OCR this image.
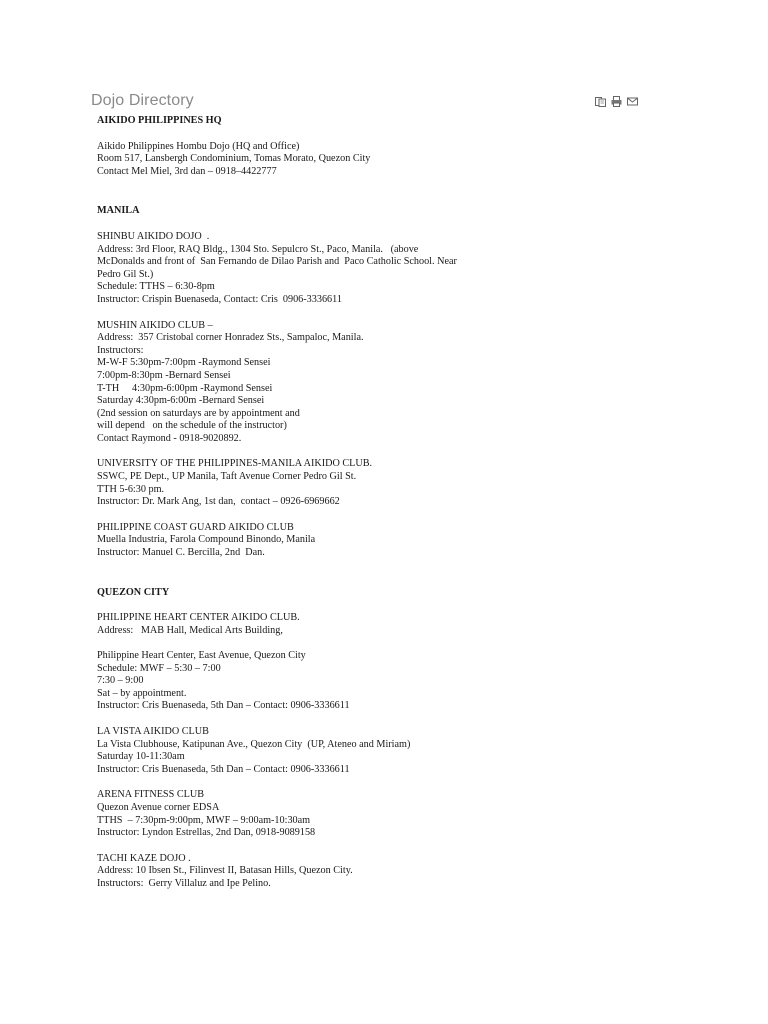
Dojo Directory

AIKIDO PHILIPPINES HQ

Aikido Philippines Hombu Dojo (HQ and Office)

Room 517, Lansbergh Condominium, Tomas Morato, Quezon City

Contact Mel Miel, 3rd dan – 0918–4422777

MANILA

SHINBU AIKIDO DOJO  .

Address: 3rd Floor, RAQ Bldg., 1304 Sto. Sepulcro St., Paco, Manila.   (above

McDonalds and front of  San Fernando de Dilao Parish and  Paco Catholic School. Near

Pedro Gil St.)

Schedule: TTHS – 6:30-8pm

Instructor: Crispin Buenaseda, Contact: Cris  0906-3336611

MUSHIN AIKIDO CLUB –

Address:  357 Cristobal corner Honradez Sts., Sampaloc, Manila.

Instructors:

M-W-F 5:30pm-7:00pm -Raymond Sensei

7:00pm-8:30pm -Bernard Sensei

T-TH     4:30pm-6:00pm -Raymond Sensei

Saturday 4:30pm-6:00m -Bernard Sensei

(2nd session on saturdays are by appointment and

will depend   on the schedule of the instructor)

Contact Raymond - 0918-9020892.

UNIVERSITY OF THE PHILIPPINES-MANILA AIKIDO CLUB.

SSWC, PE Dept., UP Manila, Taft Avenue Corner Pedro Gil St.

TTH 5-6:30 pm.

Instructor: Dr. Mark Ang, 1st dan,  contact – 0926-6969662

PHILIPPINE COAST GUARD AIKIDO CLUB

Muella Industria, Farola Compound Binondo, Manila

Instructor: Manuel C. Bercilla, 2nd  Dan.

QUEZON CITY

PHILIPPINE HEART CENTER AIKIDO CLUB.

Address:   MAB Hall, Medical Arts Building,

Philippine Heart Center, East Avenue, Quezon City

Schedule: MWF – 5:30 – 7:00

7:30 – 9:00

Sat – by appointment.

Instructor: Cris Buenaseda, 5th Dan – Contact: 0906-3336611

LA VISTA AIKIDO CLUB

La Vista Clubhouse, Katipunan Ave., Quezon City  (UP, Ateneo and Miriam)

Saturday 10-11:30am

Instructor: Cris Buenaseda, 5th Dan – Contact: 0906-3336611

ARENA FITNESS CLUB

Quezon Avenue corner EDSA

TTHS  – 7:30pm-9:00pm, MWF – 9:00am-10:30am

Instructor: Lyndon Estrellas, 2nd Dan, 0918-9089158

TACHI KAZE DOJO .

Address: 10 Ibsen St., Filinvest II, Batasan Hills, Quezon City.

Instructors:  Gerry Villaluz and Ipe Pelino.
